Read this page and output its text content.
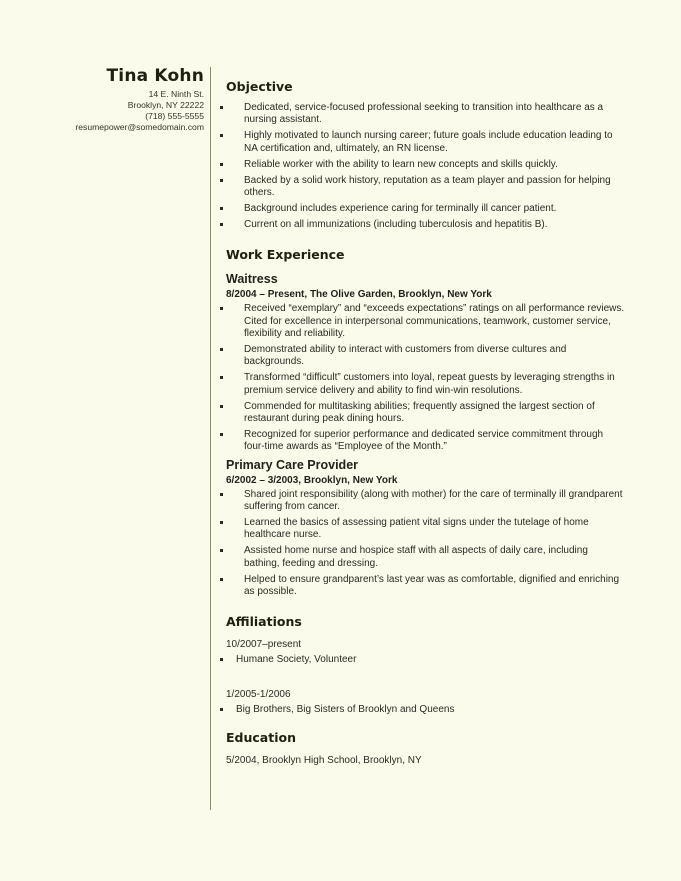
Tina Kohn
14 E. Ninth St.
Brooklyn, NY 22222
(718) 555-5555
resumepower@somedomain.com
Objective
Dedicated, service-focused professional seeking to transition into healthcare as a nursing assistant.
Highly motivated to launch nursing career; future goals include education leading to NA certification and, ultimately, an RN license.
Reliable worker with the ability to learn new concepts and skills quickly.
Backed by a solid work history, reputation as a team player and passion for helping others.
Background includes experience caring for terminally ill cancer patient.
Current on all immunizations (including tuberculosis and hepatitis B).
Work Experience
Waitress
8/2004 – Present, The Olive Garden, Brooklyn, New York
Received “exemplary” and “exceeds expectations” ratings on all performance reviews. Cited for excellence in interpersonal communications, teamwork, customer service, flexibility and reliability.
Demonstrated ability to interact with customers from diverse cultures and backgrounds.
Transformed “difficult” customers into loyal, repeat guests by leveraging strengths in premium service delivery and ability to find win-win resolutions.
Commended for multitasking abilities; frequently assigned the largest section of restaurant during peak dining hours.
Recognized for superior performance and dedicated service commitment through four-time awards as “Employee of the Month.”
Primary Care Provider
6/2002 – 3/2003, Brooklyn, New York
Shared joint responsibility (along with mother) for the care of terminally ill grandparent suffering from cancer.
Learned the basics of assessing patient vital signs under the tutelage of home healthcare nurse.
Assisted home nurse and hospice staff with all aspects of daily care, including bathing, feeding and dressing.
Helped to ensure grandparent’s last year was as comfortable, dignified and enriching as possible.
Affiliations
10/2007–present
Humane Society, Volunteer
1/2005-1/2006
Big Brothers, Big Sisters of Brooklyn and Queens
Education
5/2004, Brooklyn High School, Brooklyn, NY
